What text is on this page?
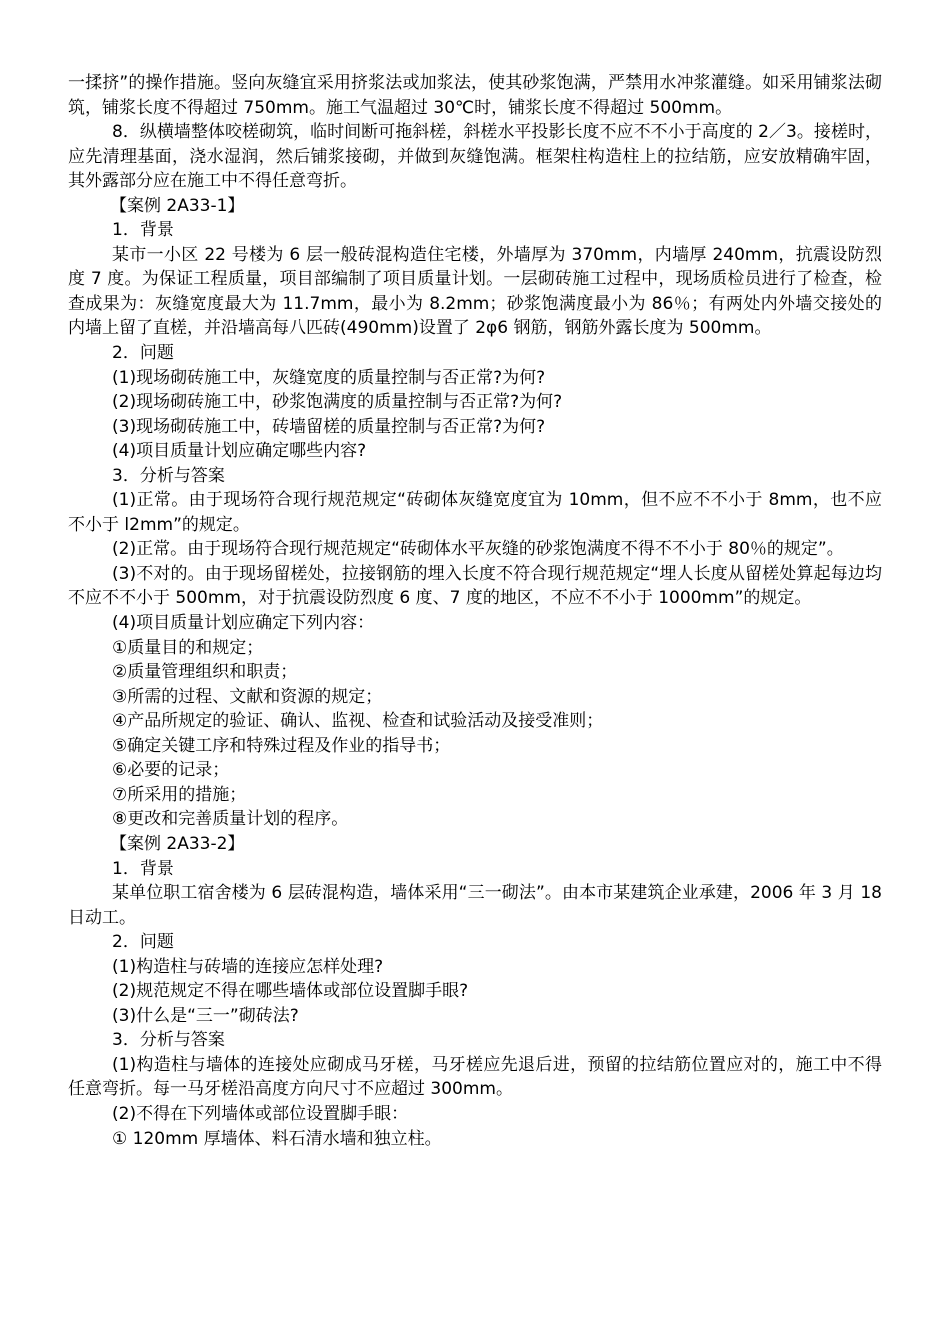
一揉挤”的操作措施。竖向灰缝宜采用挤浆法或加浆法，使其砂浆饱满，严禁用水冲浆灌缝。如采用铺浆法砌筑，铺浆长度不得超过 750mm。施工气温超过 30℃时，铺浆长度不得超过 500mm。

8．纵横墙整体咬槎砌筑，临时间断可拖斜槎，斜槎水平投影长度不应不不小于高度的 2／3。接槎时，应先清理基面，浇水湿润，然后铺浆接砌，并做到灰缝饱满。框架柱构造柱上的拉结筋，应安放精确牢固，其外露部分应在施工中不得任意弯折。

【案例 2A33-1】

1．背景

某市一小区 22 号楼为 6 层一般砖混构造住宅楼，外墙厚为 370mm，内墙厚 240mm，抗震设防烈度 7 度。为保证工程质量，项目部编制了项目质量计划。一层砌砖施工过程中，现场质检员进行了检查，检查成果为：灰缝宽度最大为 11.7mm，最小为 8.2mm；砂浆饱满度最小为 86％；有两处内外墙交接处的内墙上留了直槎，并沿墙高每八匹砖(490mm)设置了 2φ6 钢筋，钢筋外露长度为 500mm。

2．问题

(1)现场砌砖施工中，灰缝宽度的质量控制与否正常?为何?

(2)现场砌砖施工中，砂浆饱满度的质量控制与否正常?为何?

(3)现场砌砖施工中，砖墙留槎的质量控制与否正常?为何?

(4)项目质量计划应确定哪些内容?

3．分析与答案

(1)正常。由于现场符合现行规范规定“砖砌体灰缝宽度宜为 10mm，但不应不不小于 8mm，也不应不小于 l2mm”的规定。

(2)正常。由于现场符合现行规范规定“砖砌体水平灰缝的砂浆饱满度不得不不小于 80％的规定”。

(3)不对的。由于现场留槎处，拉接钢筋的埋入长度不符合现行规范规定“埋人长度从留槎处算起每边均不应不不小于 500mm，对于抗震设防烈度 6 度、7 度的地区，不应不不小于 1000mm”的规定。

(4)项目质量计划应确定下列内容：

①质量目的和规定；

②质量管理组织和职责；

③所需的过程、文献和资源的规定；

④产品所规定的验证、确认、监视、检查和试验活动及接受准则；

⑤确定关键工序和特殊过程及作业的指导书；

⑥必要的记录；

⑦所采用的措施；

⑧更改和完善质量计划的程序。

【案例 2A33-2】

1．背景

某单位职工宿舍楼为 6 层砖混构造，墙体采用“三一砌法”。由本市某建筑企业承建，2006 年 3 月 18 日动工。

2．问题

(1)构造柱与砖墙的连接应怎样处理?

(2)规范规定不得在哪些墙体或部位设置脚手眼?

(3)什么是“三一”砌砖法?

3．分析与答案

(1)构造柱与墙体的连接处应砌成马牙槎，马牙槎应先退后进，预留的拉结筋位置应对的，施工中不得任意弯折。每一马牙槎沿高度方向尺寸不应超过 300mm。

(2)不得在下列墙体或部位设置脚手眼：

① 120mm 厚墙体、料石清水墙和独立柱。
